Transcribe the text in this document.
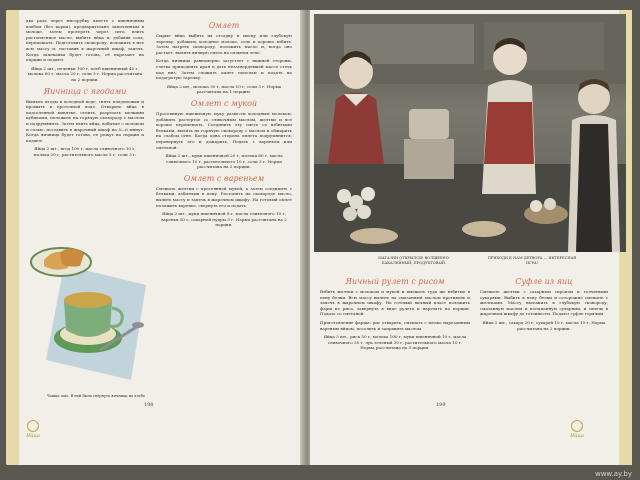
два раза через мясорубку вместе с пшеничным хлебом (без корки), предварительно замоченным в молоке, затем протереть через сито, влить растопленное масло, выбить яйца и, добавив соль, перемешать. Подготовить сковороду, положить в нее всю массу и, поставив в жарочный шкаф, запечь. Когда запеканка будет готова, её нарезают на порции и подают.

Яйца 2 шт., печенки 100 г, хлеб пшеничный 40 г, молока 60 г, масла 20 г, соли 3 г. Норма рассчитана на 2 порции.

Яичница с ягодами

Вымыть ягоды в холодной воде, снять плодоножки и промыть в проточной воде. Отварить яйца в подсоленной кипятке, отлить, разрезать мелкими кубиками, положить на горячую сковороду с маслом и подрумянить. Затем влить яйца, взбитые с молоком и солью, поставить в жарочный шкаф на 5—6 минут. Когда яичница будет готова, ее режут на порции и подают.

Яйца 2 шт., ягод 100 г, масла сливочного 10 г, молока 20 г, растительного масла 5 г, соли 3 г.

Чашка чаю. В ней была свёрнута яичница на хлебе
Омлет

Сырые яйца выбить их отсадку в миску или глубокую тарелку, добавить холодное молоко, соль и хорошо взбить. Затем нагреть сковороду, положить масло и, когда оно растает, вылить яичную смесь на сильном огне.

Когда яичница равномерно загустеет с нижней стороны, слегка приподнять края и дать незатвердевшей массе стечь под низ. Затем сложить омлет пополам и подать на подогретую тарелку.

Яйца 2 шт., молока 30 г, масла 10 г, соли 3 г. Норма рассчитана на 1 порцию.

Омлет с мукой

Просеянную пшеничную муку развести холодным молоком, добавить растертое со сливочным маслом, желтки и все хорошо перемешать. Соединить эту смесь со взбитыми белками, вылить на горячую сковороду с маслом и обжарить на слабом огне. Когда одна сторона омлета подрумянится, перевернуть его и дожарить. Подать с вареньем или сметаной.

Яйца 2 шт., муки пшеничной 20 г, молока 60 г, масла сливочного 10 г, растительного 10 г, соли 3 г. Норма рассчитана на 2 порции.

Омлет с вареньем

Смешать желтки с просеянной мукой, а затем соединить с белками, взбитыми в пену. Растопить на сковороде масло, вылить массу и запечь в жарочном шкафу. На готовый омлет положить варенье, свернуть его и подать.

Яйца 2 шт., муки пшеничной 8 г, масла сливочного 10 г, варенья 50 г, сахарной пудры 3 г. Норма рассчитана на 2 порции.

198
Яйца
МАГАЗИН ОТКРЫЛСЯ! ВОЛШЕБНО-БАКАЛЕЙНЫЙ, ПРОДУКТОВЫЙ.
ПРИХОДИ К НАМ ДЕТВОРА — ИНТЕРЕСНАЯ ИГРА!
Яичный рулет с рисом

Взбить желтки с молоком и мукой и вмешать туда же взбитые в пену белки. Всю массу вылить на смазанный маслом противень и запечь в жарочном шкафу. На готовый яичный пласт положить фарш из риса, завернуть в виде рулета и нарезать на порции. Подать со сметаной.

Приготовление фарша: рис отварить, смешать с мелко нарезанным вареным яйцом, посолить и заправить маслом.

Яйца 3 шт., риса 50 г, молока 100 г, муки пшеничной 10 г, масла сливочного 30 г, лук зеленый 30 г, растительного масла 10 г. Норма рассчитана на 3 порции.

Суфле из яиц

Смешать желтки с сахарным сиропом и толчеными сухарями. Выбить в пену белки и осторожно смешать с желтками. Массу выложить в глубокую сковороду, смазанную маслом и посыпанную сухарями, и запечь в жарочном шкафу до готовности. Подают суфле горячим.

Яйца 2 шт., сахара 20 г, сухарей 10 г, масла 10 г. Норма рассчитана на 2 порции.

199
Яйца
www.ay.by
